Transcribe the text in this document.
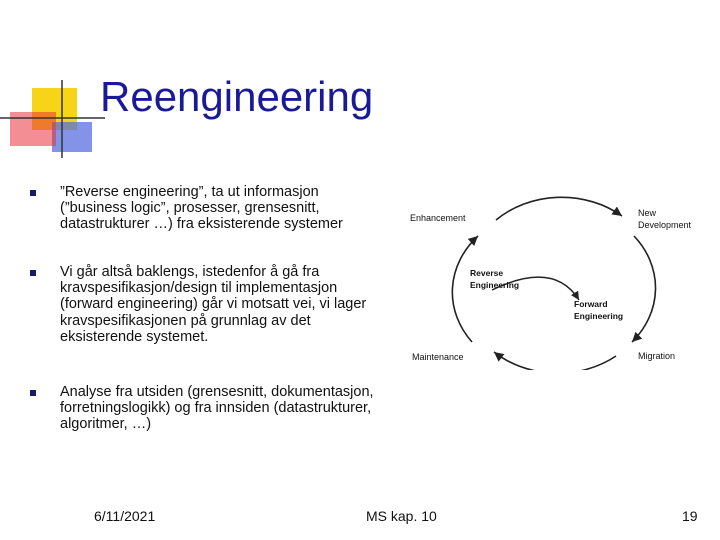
Reengineering
”Reverse engineering”, ta ut informasjon (”business logic”, prosesser, grensesnitt, datastrukturer …) fra eksisterende systemer
Vi går altså baklengs, istedenfor å gå fra kravspesifikasjon/design til implementasjon (forward engineering) går vi motsatt vei, vi lager kravspesifikasjonen på grunnlag av det eksisterende systemet.
Analyse fra utsiden (grensesnitt, dokumentasjon, forretningslogikk) og fra innsiden (datastrukturer, algoritmer, …)
Enhancement	New
Development
Reverse
Engineering
Forward
Engineering
Maintenance	Migration
6/11/2021	MS kap. 10	19
